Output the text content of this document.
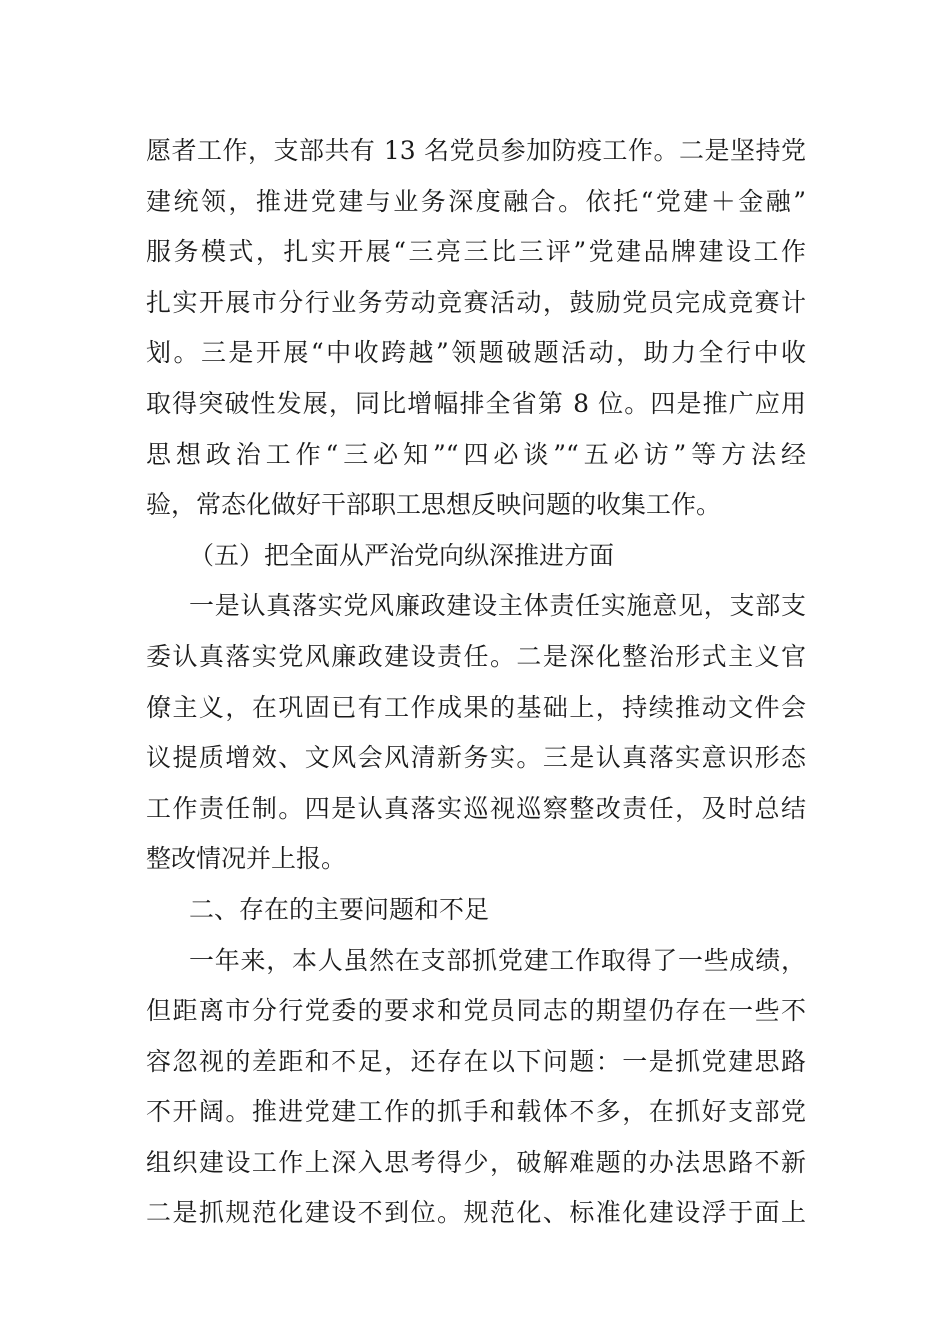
愿者工作，支部共有 13 名党员参加防疫工作。二是坚持党
建统领，推进党建与业务深度融合。依托“党建＋金融”
服务模式，扎实开展“三亮三比三评”党建品牌建设工作
扎实开展市分行业务劳动竞赛活动，鼓励党员完成竞赛计
划。三是开展“中收跨越”领题破题活动，助力全行中收
取得突破性发展，同比增幅排全省第 8 位。四是推广应用
思想政治工作“三必知”“四必谈”“五必访”等方法经
验，常态化做好干部职工思想反映问题的收集工作。
（五）把全面从严治党向纵深推进方面
一是认真落实党风廉政建设主体责任实施意见，支部支
委认真落实党风廉政建设责任。二是深化整治形式主义官
僚主义，在巩固已有工作成果的基础上，持续推动文件会
议提质增效、文风会风清新务实。三是认真落实意识形态
工作责任制。四是认真落实巡视巡察整改责任，及时总结
整改情况并上报。
二、存在的主要问题和不足
一年来，本人虽然在支部抓党建工作取得了一些成绩，
但距离市分行党委的要求和党员同志的期望仍存在一些不
容忽视的差距和不足，还存在以下问题：一是抓党建思路
不开阔。推进党建工作的抓手和载体不多，在抓好支部党
组织建设工作上深入思考得少，破解难题的办法思路不新
二是抓规范化建设不到位。规范化、标准化建设浮于面上
